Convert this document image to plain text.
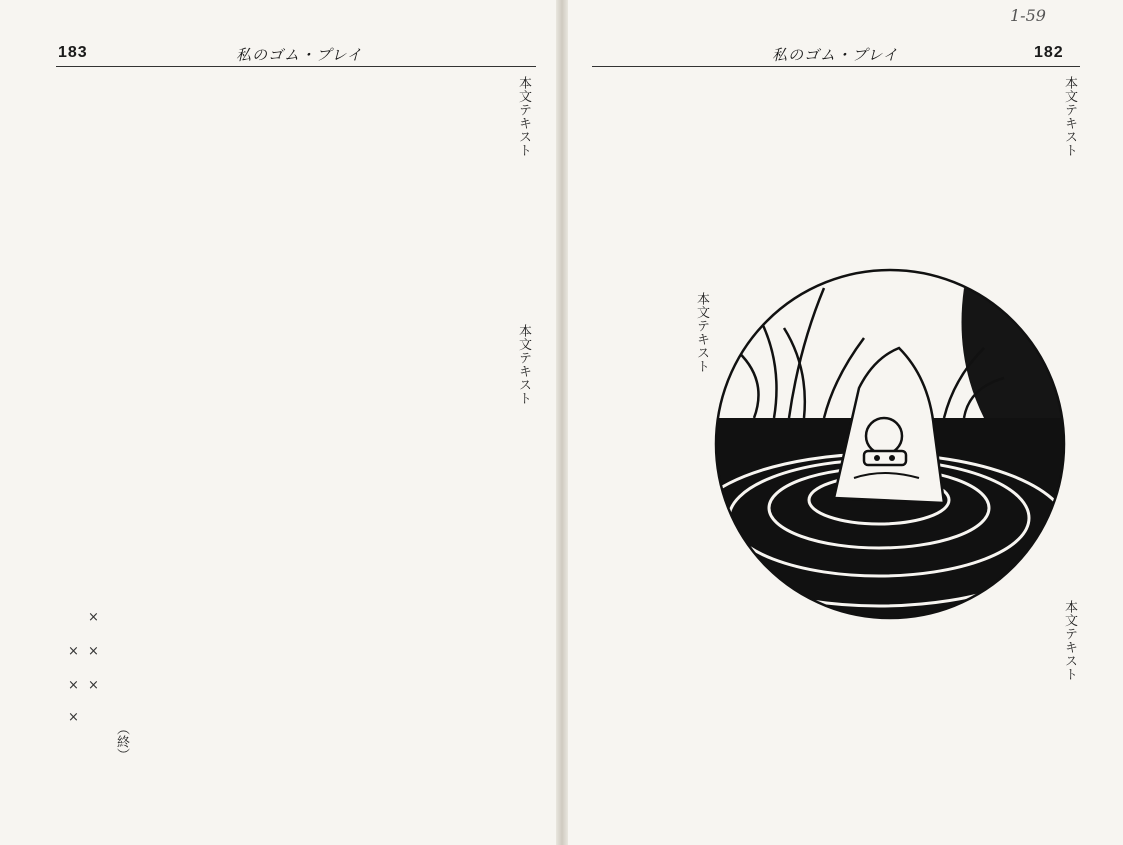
183	私のゴム・プレイ	私のゴム・プレイ	182
1-59
本文テキスト
本文テキスト
×
×
×
×
×
×
（終）
本文テキスト
本文テキスト
本文テキスト
